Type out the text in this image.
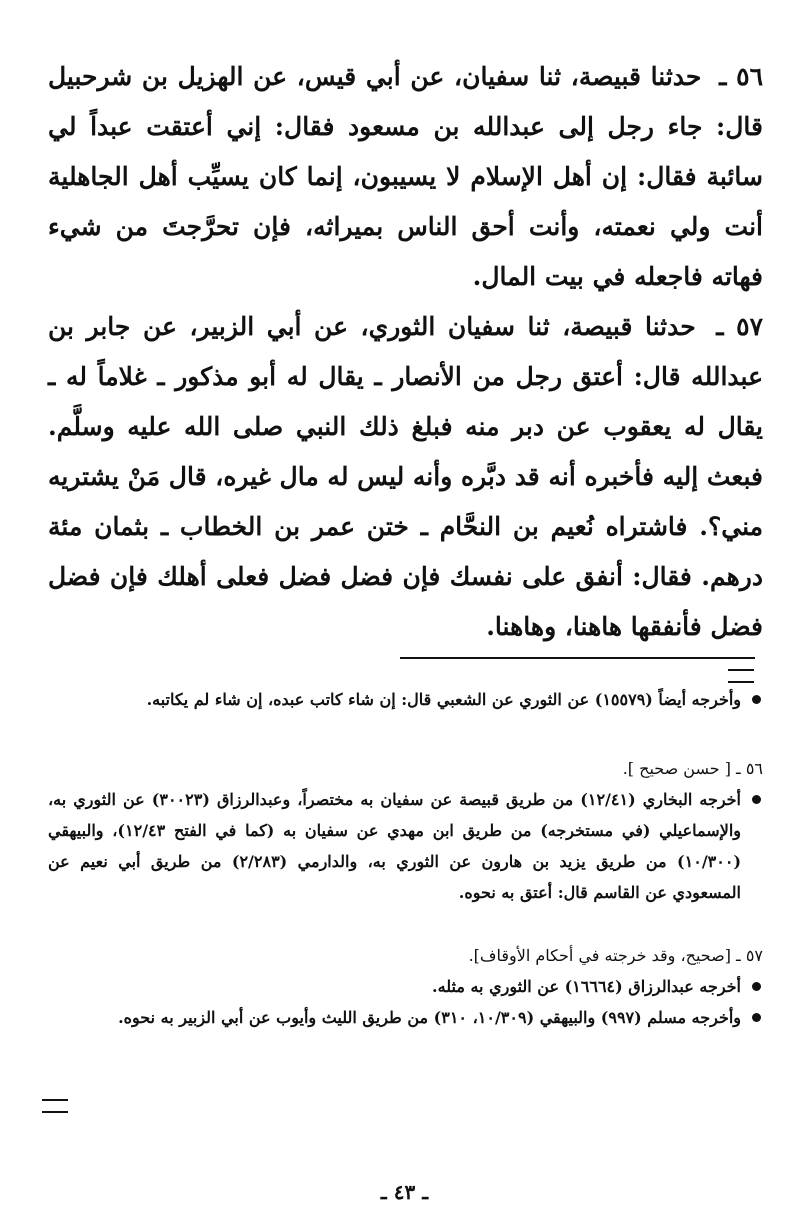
٥٦ ـ حدثنا قبيصة، ثنا سفيان، عن أبي قيس، عن الهزيل بن شرحبيل قال: جاء رجل إلى عبدالله بن مسعود فقال: إني أعتقت عبداً لي سائبة فقال: إن أهل الإسلام لا يسيبون، إنما كان يسيِّب أهل الجاهلية أنت ولي نعمته، وأنت أحق الناس بميراثه، فإن تحرَّجتَ من شيء فهاته فاجعله في بيت المال.

٥٧ ـ حدثنا قبيصة، ثنا سفيان الثوري، عن أبي الزبير، عن جابر بن عبدالله قال: أعتق رجل من الأنصار ـ يقال له أبو مذكور ـ غلاماً له ـ يقال له يعقوب عن دبر منه فبلغ ذلك النبي صلى الله عليه وسلَّم. فبعث إليه فأخبره أنه قد دبَّره وأنه ليس له مال غيره، قال مَنْ يشتريه مني؟. فاشتراه نُعيم بن النحَّام ـ ختن عمر بن الخطاب ـ بثمان مئة درهم. فقال: أنفق على نفسك فإن فضل فضل فعلى أهلك فإن فضل فضل فأنفقها هاهنا، وهاهنا.

وأخرجه أيضاً (١٥٥٧٩) عن الثوري عن الشعبي قال: إن شاء كاتب عبده، إن شاء لم يكاتبه.

٥٦ ـ [ حسن صحيح ].

أخرجه البخاري (١٢/٤١) من طريق قبيصة عن سفيان به مختصراً، وعبدالرزاق (٣٠٠٢٣) عن الثوري به، والإسماعيلي (في مستخرجه) من طريق ابن مهدي عن سفيان به (كما في الفتح ١٢/٤٣)، والبيهقي (١٠/٣٠٠) من طريق يزيد بن هارون عن الثوري به، والدارمي (٢/٢٨٣) من طريق أبي نعيم عن المسعودي عن القاسم قال: أعتق به نحوه.

٥٧ ـ [صحيح، وقد خرجته في أحكام الأوقاف].

أخرجه عبدالرزاق (١٦٦٦٤) عن الثوري به مثله.

وأخرجه مسلم (٩٩٧) والبيهقي (١٠/٣٠٩، ٣١٠) من طريق الليث وأيوب عن أبي الزبير به نحوه.

ـ ٤٣ ـ
